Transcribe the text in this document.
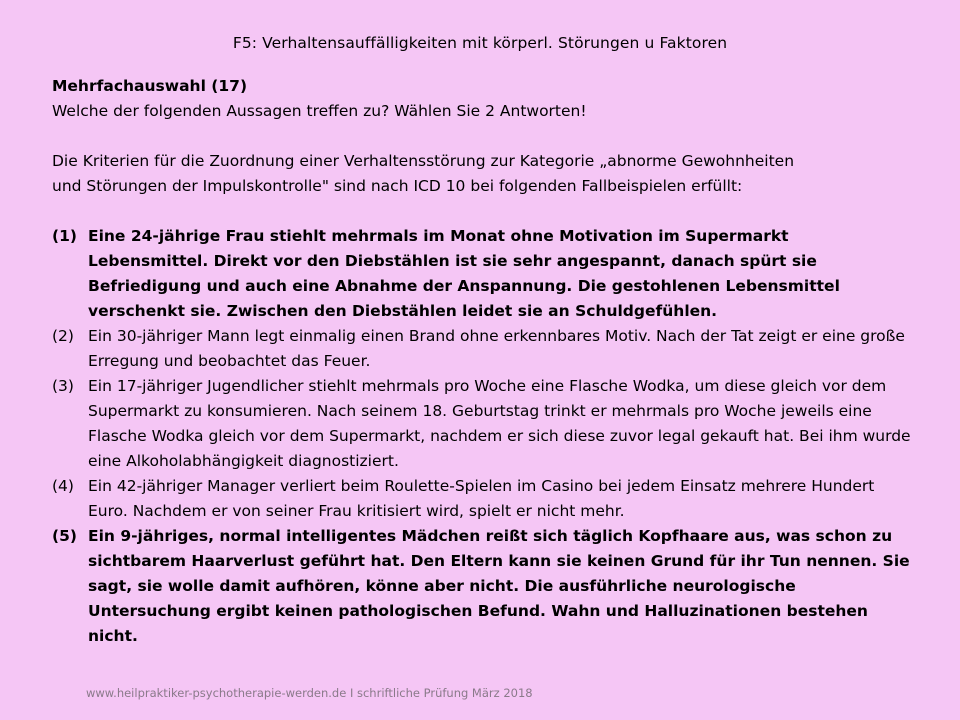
F5: Verhaltensauffälligkeiten mit körperl. Störungen u Faktoren
Mehrfachauswahl (17)
Welche der folgenden Aussagen treffen zu? Wählen Sie 2 Antworten!

Die Kriterien für die Zuordnung einer Verhaltensstörung zur Kategorie „abnorme Gewohnheiten

und Störungen der Impulskontrolle" sind nach ICD 10 bei folgenden Fallbeispielen erfüllt:

(1) Eine 24-jährige Frau stiehlt mehrmals im Monat ohne Motivation im Supermarkt Lebensmittel. Direkt vor den Diebstählen ist sie sehr angespannt, danach spürt sie Befriedigung und auch eine Abnahme der Anspannung. Die gestohlenen Lebensmittel verschenkt sie. Zwischen den Diebstählen leidet sie an Schuldgefühlen.
(2) Ein 30-jähriger Mann legt einmalig einen Brand ohne erkennbares Motiv. Nach der Tat zeigt er eine große Erregung und beobachtet das Feuer.
(3) Ein 17-jähriger Jugendlicher stiehlt mehrmals pro Woche eine Flasche Wodka, um diese gleich vor dem Supermarkt zu konsumieren. Nach seinem 18. Geburtstag trinkt er mehrmals pro Woche jeweils eine Flasche Wodka gleich vor dem Supermarkt, nachdem er sich diese zuvor legal gekauft hat. Bei ihm wurde eine Alkoholabhängigkeit diagnostiziert.
(4) Ein 42-jähriger Manager verliert beim Roulette-Spielen im Casino bei jedem Einsatz mehrere Hundert Euro. Nachdem er von seiner Frau kritisiert wird, spielt er nicht mehr.
(5) Ein 9-jähriges, normal intelligentes Mädchen reißt sich täglich Kopfhaare aus, was schon zu sichtbarem Haarverlust geführt hat. Den Eltern kann sie keinen Grund für ihr Tun nennen. Sie sagt, sie wolle damit aufhören, könne aber nicht. Die ausführliche neurologische Untersuchung ergibt keinen pathologischen Befund. Wahn und Halluzinationen bestehen nicht.
www.heilpraktiker-psychotherapie-werden.de I schriftliche Prüfung März 2018
